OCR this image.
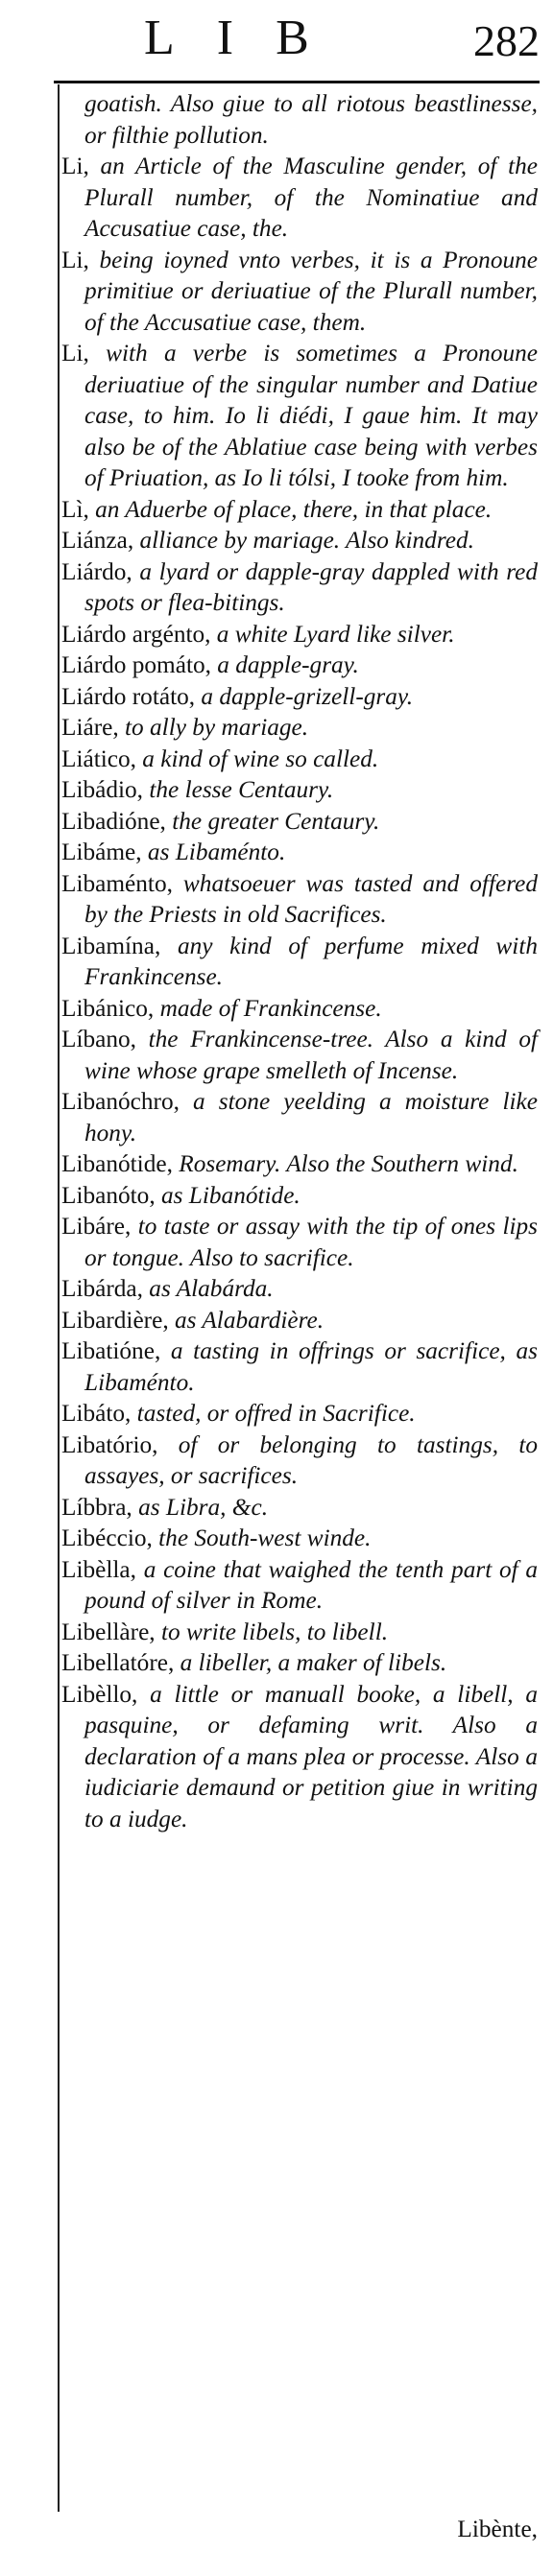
LIB	282

goatish. Also giue to all riotous beastlinesse, or filthie pollution.

Li, an Article of the Masculine gender, of the Plurall number, of the Nominatiue and Accusatiue case, the.

Li, being ioyned vnto verbes, it is a Pronoune primitiue or deriuatiue of the Plurall number, of the Accusatiue case, them.

Li, with a verbe is sometimes a Pronoune deriuatiue of the singular number and Datiue case, to him. Io li diédi, I gaue him. It may also be of the Ablatiue case being with verbes of Priuation, as Io li tólsi, I tooke from him.

Lì, an Aduerbe of place, there, in that place.

Liánza, alliance by mariage. Also kindred.

Liárdo, a lyard or dapple-gray dappled with red spots or flea-bitings.

Liárdo argénto, a white Lyard like silver.

Liárdo pomáto, a dapple-gray.

Liárdo rotáto, a dapple-grizell-gray.

Liáre, to ally by mariage.

Liático, a kind of wine so called.

Libádio, the lesse Centaury.

Libadióne, the greater Centaury.

Libáme, as Libaménto.

Libaménto, whatsoeuer was tasted and offered by the Priests in old Sacrifices.

Libamína, any kind of perfume mixed with Frankincense.

Libánico, made of Frankincense.

Líbano, the Frankincense-tree. Also a kind of wine whose grape smelleth of Incense.

Libanóchro, a stone yeelding a moisture like hony.

Libanótide, Rosemary. Also the Southern wind.

Libanóto, as Libanótide.

Libáre, to taste or assay with the tip of ones lips or tongue. Also to sacrifice.

Libárda, as Alabárda.

Libardière, as Alabardière.

Libatióne, a tasting in offrings or sacrifice, as Libaménto.

Libáto, tasted, or offred in Sacrifice.

Libatório, of or belonging to tastings, to assayes, or sacrifices.

Líbbra, as Libra, &c.

Libéccio, the South-west winde.

Libèlla, a coine that waighed the tenth part of a pound of silver in Rome.

Libellàre, to write libels, to libell.

Libellatóre, a libeller, a maker of libels.

Libèllo, a little or manuall booke, a libell, a pasquine, or defaming writ. Also a declaration of a mans plea or processe. Also a iudiciarie demaund or petition giue in writing to a iudge.

Libènte,
